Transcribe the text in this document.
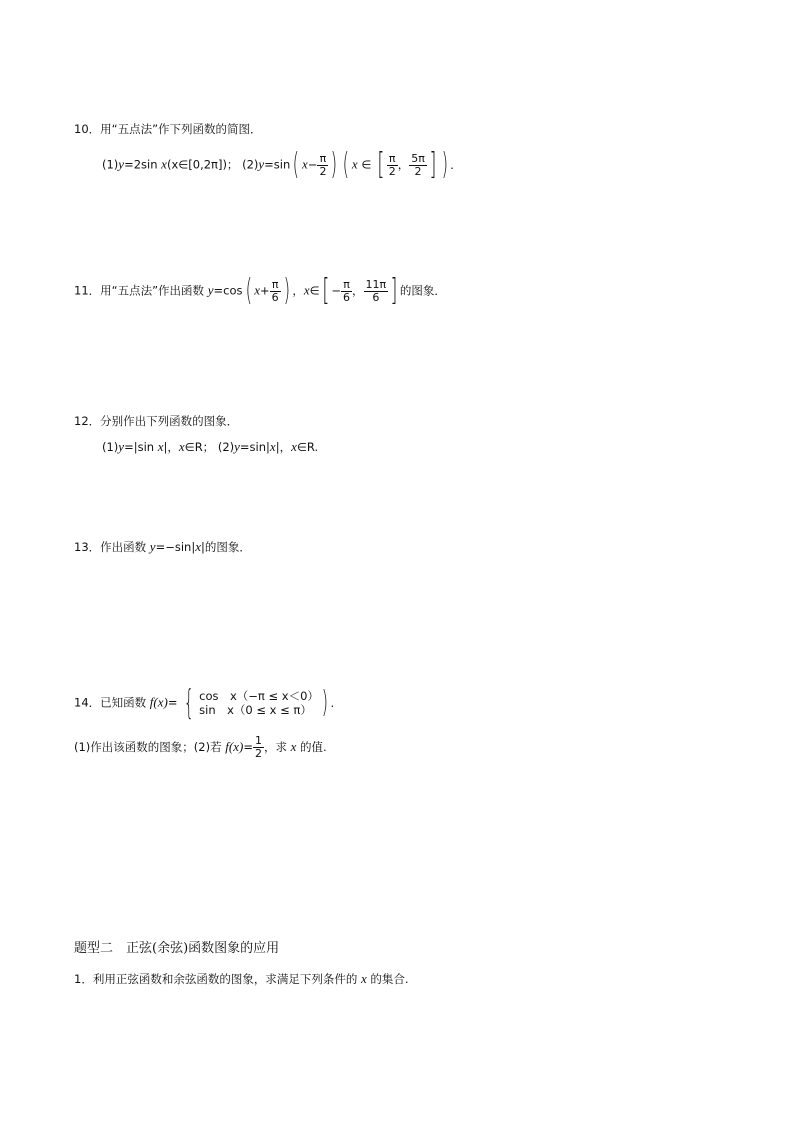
10．用“五点法”作下列函数的简图．
(1)y=2sin x(x∈[0,2π])； (2)y=sin( $x- \frac{\pi}{2}$ ) ( x ∈ [ $\frac{\pi}{2}$ ， $\frac{5\pi}{2}$ ] ) ．
11．用“五点法”作出函数 y=cos( $x+ \frac{\pi}{6}$ ) ，x∈[ − $\frac{\pi}{6}$ ， $\frac{11\pi}{6}$ ] 的图象．
12．分别作出下列函数的图象．
(1)y=|sin x|，x∈R； (2)y=sin|x|，x∈R.
13．作出函数 y=−sin|x|的图象．
14．已知函数 f(x)= { cos　x（−π ≤ x＜0）
sin　x（0 ≤ x ≤ π） ) ．
(1)作出该函数的图象；(2)若 $f(x)= \frac{1}{2}$ ，求 x 的值.
题型二　正弦(余弦)函数图象的应用
1．利用正弦函数和余弦函数的图象，求满足下列条件的 x 的集合.
